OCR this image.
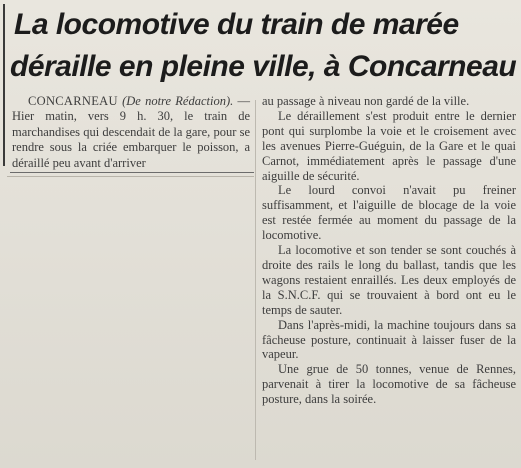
La locomotive du train de marée
déraille en pleine ville, à Concarneau

CONCARNEAU (De notre Rédaction). — Hier matin, vers 9 h. 30, le train de marchandises qui descendait de la gare, pour se rendre sous la criée embarquer le poisson, a déraillé peu avant d'arriver

au passage à niveau non gardé de la ville.

Le déraillement s'est produit entre le dernier pont qui surplombe la voie et le croisement avec les avenues Pierre-Guéguin, de la Gare et le quai Carnot, immédiatement après le passage d'une aiguille de sécurité.

Le lourd convoi n'avait pu freiner suffisamment, et l'aiguille de blocage de la voie est restée fermée au moment du passage de la locomotive.

La locomotive et son tender se sont couchés à droite des rails le long du ballast, tandis que les wagons restaient enraillés. Les deux employés de la S.N.C.F. qui se trouvaient à bord ont eu le temps de sauter.

Dans l'après-midi, la machine toujours dans sa fâcheuse posture, continuait à laisser fuser de la vapeur.

Une grue de 50 tonnes, venue de Rennes, parvenait à tirer la locomotive de sa fâcheuse posture, dans la soirée.
